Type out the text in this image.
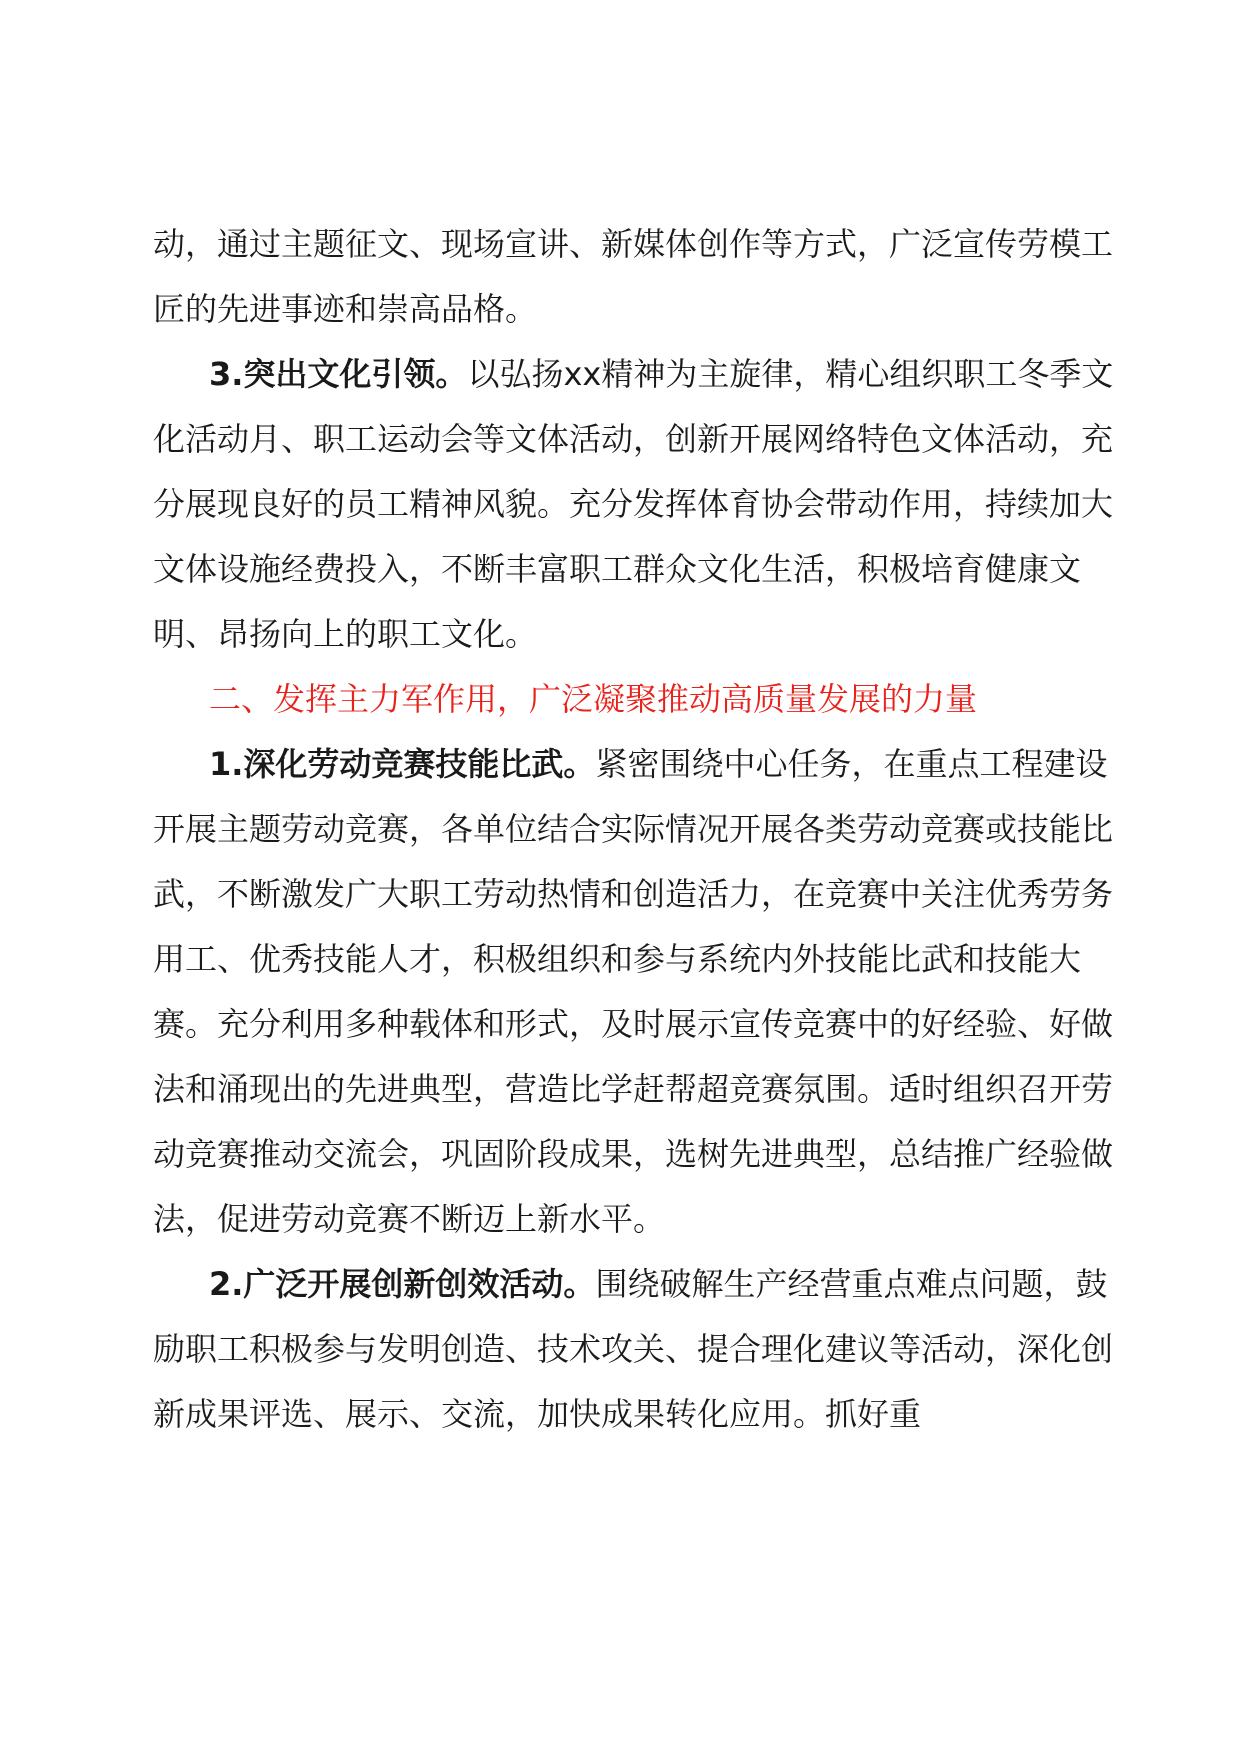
动，通过主题征文、现场宣讲、新媒体创作等方式，广泛宣传劳模工匠的先进事迹和崇高品格。

3.突出文化引领。以弘扬xx精神为主旋律，精心组织职工冬季文化活动月、职工运动会等文体活动，创新开展网络特色文体活动，充分展现良好的员工精神风貌。充分发挥体育协会带动作用，持续加大文体设施经费投入，不断丰富职工群众文化生活，积极培育健康文明、昂扬向上的职工文化。

二、发挥主力军作用，广泛凝聚推动高质量发展的力量

1.深化劳动竞赛技能比武。紧密围绕中心任务，在重点工程建设开展主题劳动竞赛，各单位结合实际情况开展各类劳动竞赛或技能比武，不断激发广大职工劳动热情和创造活力，在竞赛中关注优秀劳务用工、优秀技能人才，积极组织和参与系统内外技能比武和技能大赛。充分利用多种载体和形式，及时展示宣传竞赛中的好经验、好做法和涌现出的先进典型，营造比学赶帮超竞赛氛围。适时组织召开劳动竞赛推动交流会，巩固阶段成果，选树先进典型，总结推广经验做法，促进劳动竞赛不断迈上新水平。

2.广泛开展创新创效活动。围绕破解生产经营重点难点问题，鼓励职工积极参与发明创造、技术攻关、提合理化建议等活动，深化创新成果评选、展示、交流，加快成果转化应用。抓好重
